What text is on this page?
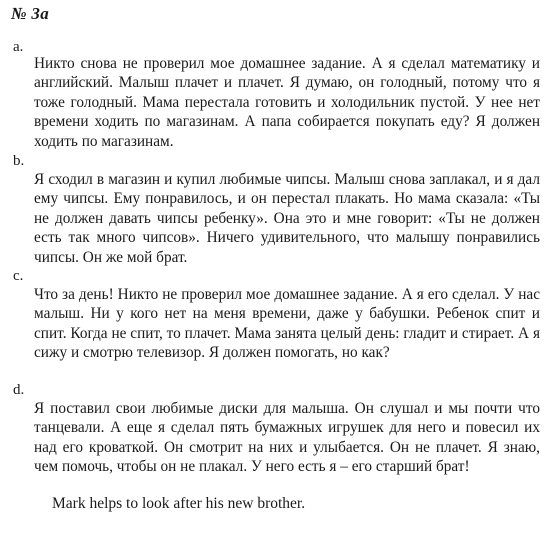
№ 3а
a.

Никто снова не проверил мое домашнее задание. А я сделал математику и английский. Малыш плачет и плачет. Я думаю, он голодный, потому что я тоже голодный. Мама перестала готовить и холодильник пустой. У нее нет времени ходить по магазинам. А папа собирается покупать еду? Я должен ходить по магазинам.

b.

Я сходил в магазин и купил любимые чипсы. Малыш снова заплакал, и я дал ему чипсы. Ему понравилось, и он перестал плакать. Но мама сказала: «Ты не должен давать чипсы ребенку». Она это и мне говорит: «Ты не должен есть так много чипсов». Ничего удивительного, что малышу понравились чипсы. Он же мой брат.

c.

Что за день! Никто не проверил мое домашнее задание. А я его сделал. У нас малыш. Ни у кого нет на меня времени, даже у бабушки. Ребенок спит и спит. Когда не спит, то плачет. Мама занята целый день: гладит и стирает. А я сижу и смотрю телевизор. Я должен помогать, но как?

d.

Я поставил свои любимые диски для малыша. Он слушал и мы почти что танцевали. А еще я сделал пять бумажных игрушек для него и повесил их над его кроваткой. Он смотрит на них и улыбается. Он не плачет. Я знаю, чем помочь, чтобы он не плакал. У него есть я – его старший брат!

Mark helps to look after his new brother.
